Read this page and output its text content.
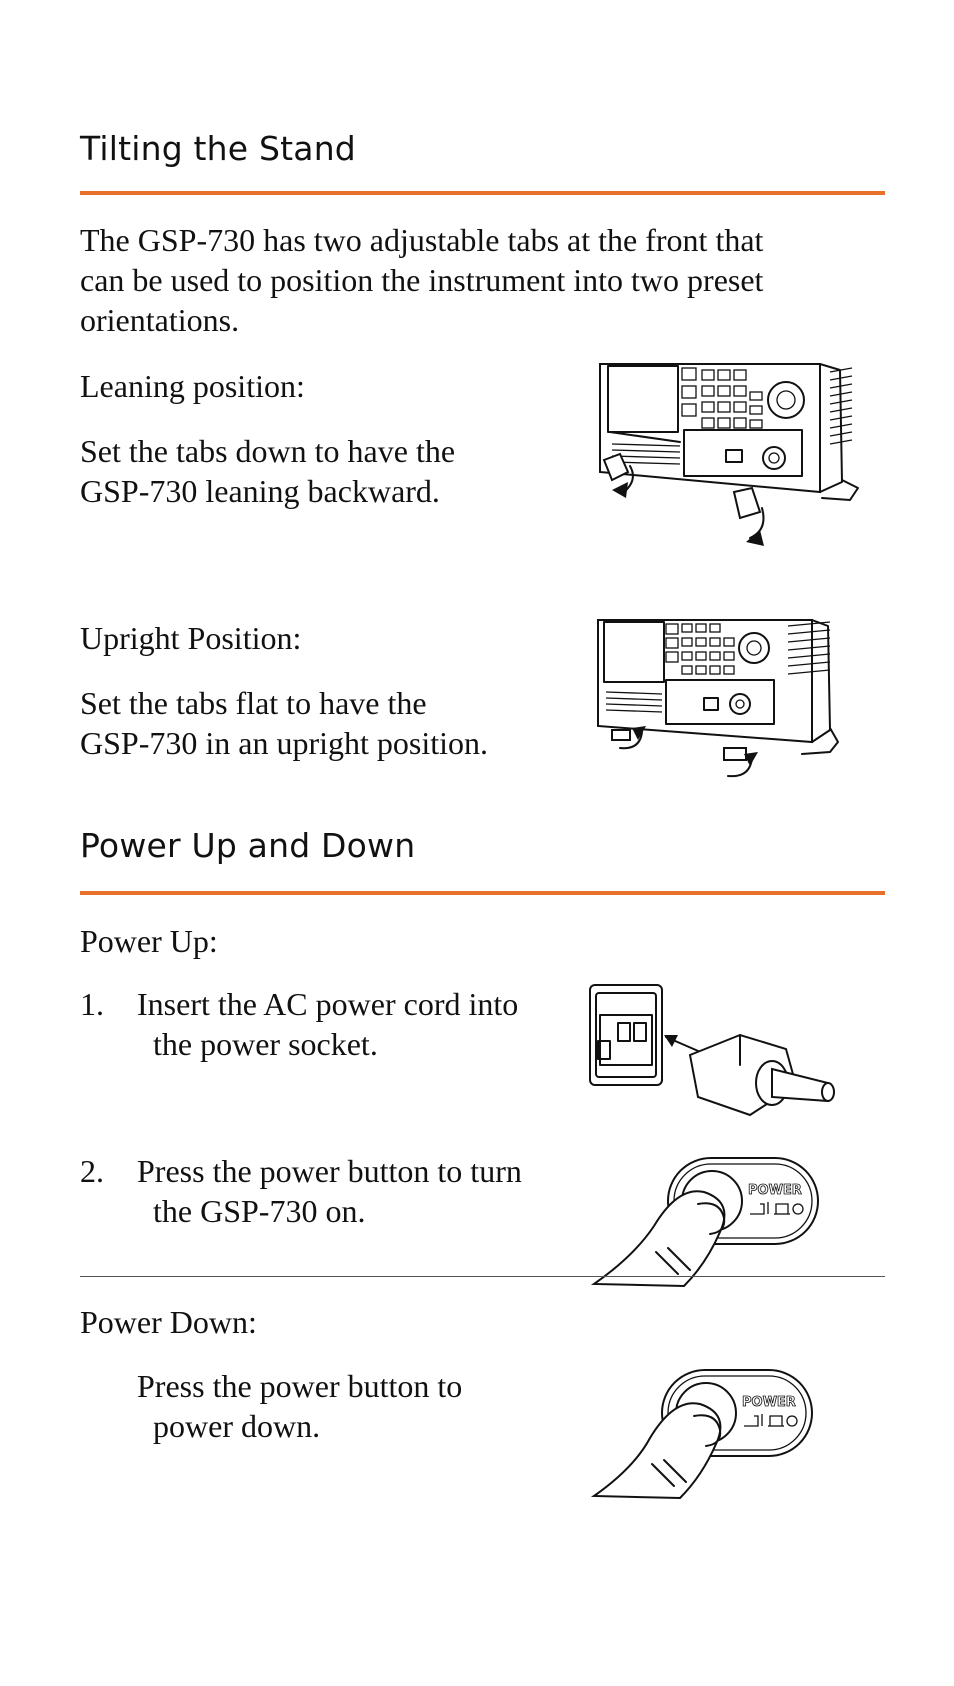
Tilting the Stand
The GSP-730 has two adjustable tabs at the front that
can be used to position the instrument into two preset
orientations.
Leaning position:
Set the tabs down to have the
GSP-730 leaning backward.
Upright Position:
Set the tabs flat to have the
GSP-730 in an upright position.
Power Up and Down
Power Up:
1. Insert the AC power cord into
the power socket.
2. Press the power button to turn
the GSP-730 on.
POWER
Power Down:
Press the power button to
power down.
POWER
